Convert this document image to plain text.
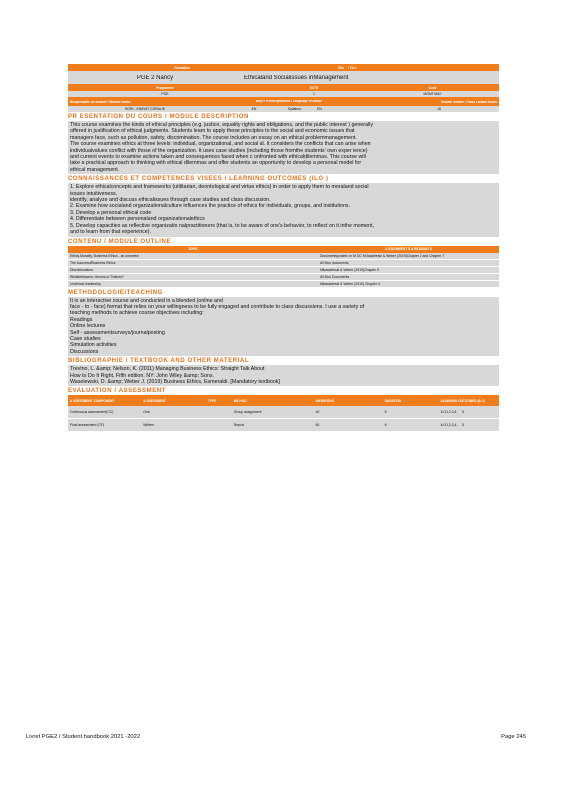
Formation	Title	/ Tit e
PGE 2 Nancy	Ethicaland Socialissues inManagement
Programme	ECTS	Code
PGE	1	MGMT4610
Responsable de module / Module leader	lang e d'enseignement / Language of tuition	Volume horaire / Class contact hours
RORI - KHAYAT CORALIE	EN	Syllabus:	EN	16
PR ESENTATION DU COURS / MODULE DESCRIPTION
This course examines the kinds of ethical principles (e.g. justice, equality rights and obligations, and the public interest ) generally
offered in justification of ethical judgments. Students learn to apply these principles to the social and economic issues that
managers face, such as pollution, safety, discrimination. The course includes an essay on an ethical problemmanagement.
The course examines ethics at three levels: individual, organizational, and social al. It considers the conflicts that can arise when
individualvalues conflict with those of the organization. It uses case studies (including those fromthe students' own exper ience)
and current events to examine actions taken and consequences faced when c onfronted with ethicaldilemmas. This course will
take a practical approach to thinking with ethical dilemmas and offer students an opportunity to develop a personal model for
ethical management.
CONNAISSANCES ET COMPETENCES VISEES / LEARNING OUTCOMES (ILO )
1. Explore ethicalconcepts and frameworks (utilitarian, deontological and virtue ethics) in order to apply them to moraland social
issues intuitiveness,
identify, analyze and discuss ethicalissues through case studies and class discussion.
2. Examine how socialand organizationalculture influences the practice of ethics for individuals, groups, and institutions.
3. Develop a personal ethical code
4. Differentiate between personaland organizationalethics
5. Develop capacities as reflective organizatio nalpractitioners (that is, to be aware of one's behavior, to reflect on it inthe moment,
and to learn from that experience).
CONTENU / MODULE OUTLINE
TOPIC	A SSIGNMENT S & READING S
Ethics,Morality, Business Ethics - an overview	Documentsposted on M OC M ilaskeleski & Weber (2019)Chapter 2 and Chapter 7
The sourcesofBusiness Ethics	All Moc documents
Discriminations	Mikaskeleski & Weber (2019)Chapter 9
Whistleblowers: Heroes or Traitors?	All Moc Documents
Unethical leadership	Mikaskeleski & Weber (2019) Chapter 4
METHODOLOGIE/TEACHING
It is an interactive course and conducted in a blended (online and
face - to - face) format that relies on your willingness to be fully engaged and contribute to class discussions. I use a variety of
teaching methods to achieve course objectives including:
Readings
Online lectures
Self - assessmentsurveys/journalposting
Case studies
Simulation activities
Discussions
BIBLIOGRAPHIE / TEXTBOOK AND OTHER MATERIAL
Trevino, L. &amp; Nelson, K. (2011) Managing Business Ethics: Straight Talk About
How to Do It Right, Fifth edition. NY: John Wiley &amp; Sons.
Waselewski, D. &amp; Weber J. (2019) Business Ethics, Esmeraldi. [Mandatory textbook]
EVALUATION / ASSESSMENT
A SSESSMENT COMPONENT	A SSESSMENT	TYPE	ME HOD	WEIGHTING	DURATION	LEARNING OUTCOMES (ILO)
Continuous assessment(CC)	Oral		Group assignment	40	6	ILO1,2,3,4, 5
Final assessment (CF)	Written		Report	60	6	ILO1,2,3,4, 5
Livret PGE2 / Student handbook 2021 -2022	Page 245
